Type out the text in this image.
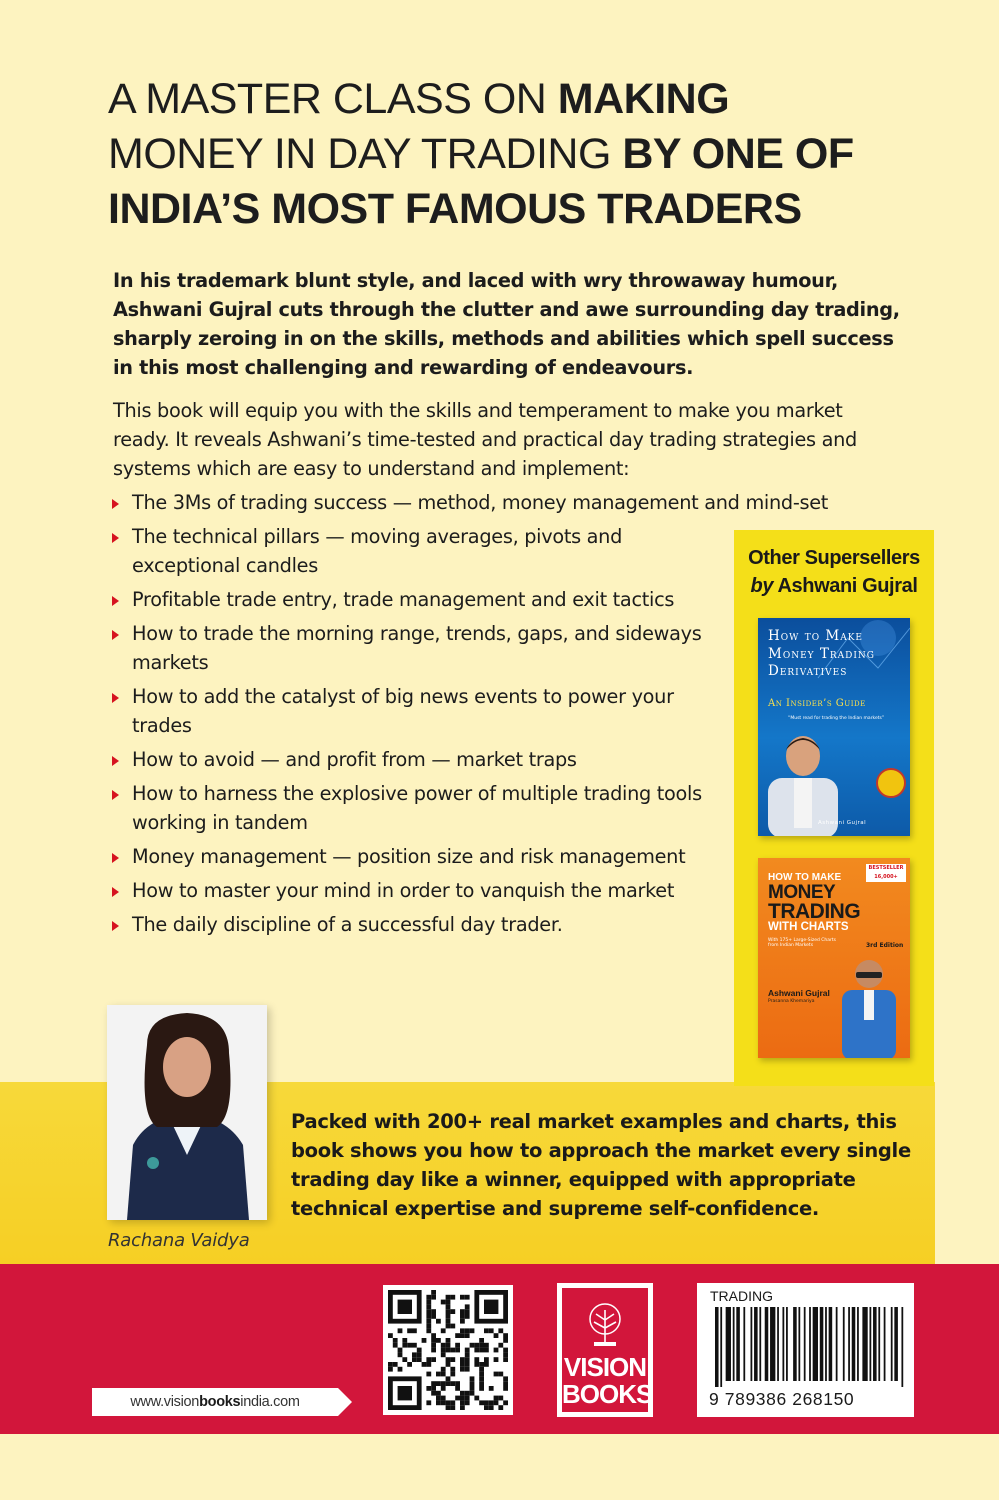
A MASTER CLASS ON MAKING
MONEY IN DAY TRADING BY ONE OF INDIA’S MOST FAMOUS TRADERS

In his trademark blunt style, and laced with wry throwaway humour, Ashwani Gujral cuts through the clutter and awe surrounding day trading, sharply zeroing in on the skills, methods and abilities which spell success in this most challenging and rewarding of endeavours.

This book will equip you with the skills and temperament to make you market ready. It reveals Ashwani’s time-tested and practical day trading strategies and systems which are easy to understand and implement:

The 3Ms of trading success — method, money management and mind-set
The technical pillars — moving averages, pivots and exceptional candles
Profitable trade entry, trade management and exit tactics
How to trade the morning range, trends, gaps, and sideways markets
How to add the catalyst of big news events to power your trades
How to avoid — and profit from — market traps
How to harness the explosive power of multiple trading tools working in tandem
Money management — position size and risk management
How to master your mind in order to vanquish the market
The daily discipline of a successful day trader.
Other Supersellers
by Ashwani Gujral
How to Make Money Trading Derivatives
An Insider’s Guide
“Must read for trading the Indian markets”
Ashwani Gujral
HOW TO MAKE
MONEY
TRADING
WITH CHARTS
BESTSELLER 16,000+
With 175+ Large-Sized Charts from Indian Markets	3rd Edition
Ashwani Gujral
Prasanna Khemariya
Rachana Vaidya

Packed with 200+ real market examples and charts, this book shows you how to approach the market every single trading day like a winner, equipped with appropriate technical expertise and supreme self-confidence.

www.visionbooksindia.com
VISION
BOOKS
TRADING
9 789386 268150
